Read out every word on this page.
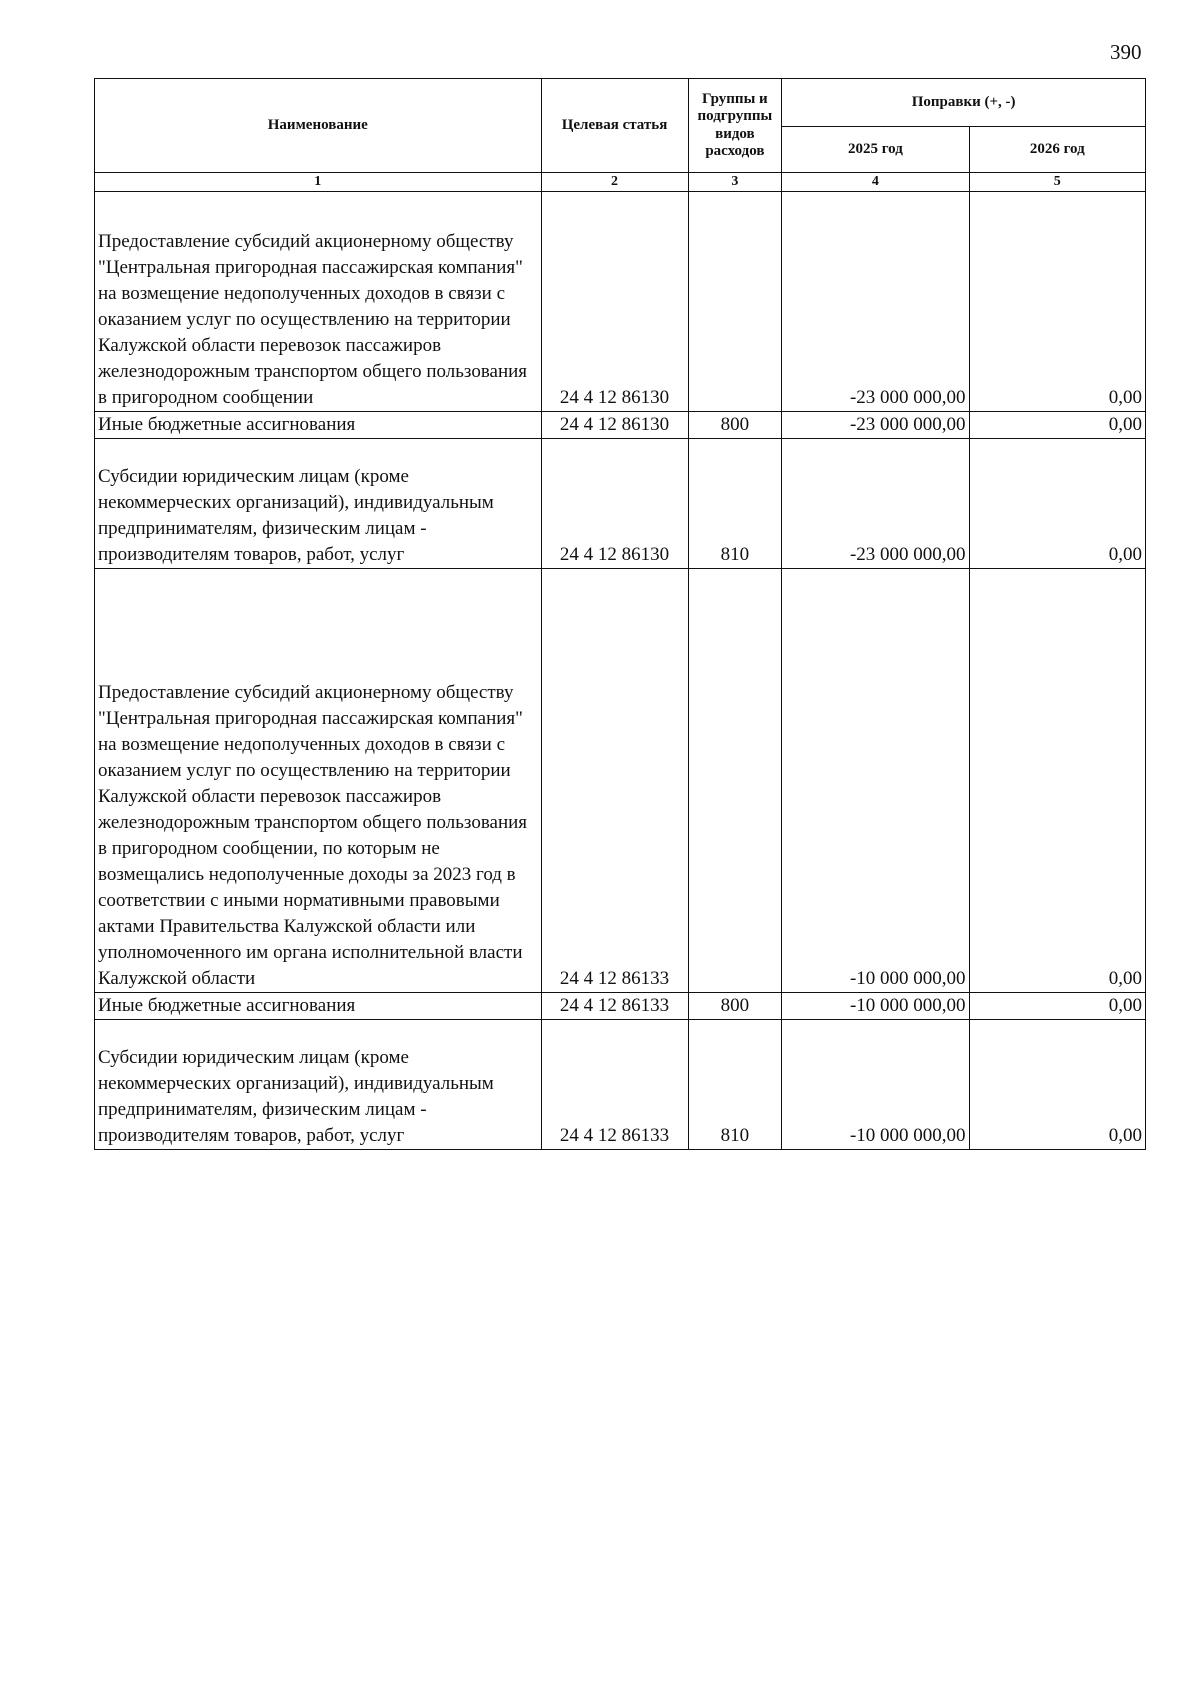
390
Наименование	Целевая статья	Группы и подгруппы видов расходов	Поправки (+, -)	
			2025 год	2026 год
1	2	3	4	5
Предоставление субсидий акционерному обществу "Центральная пригородная пассажирская компания" на возмещение недополученных доходов в связи с оказанием услуг по осуществлению на территории Калужской области перевозок пассажиров железнодорожным транспортом общего пользования в пригородном сообщении	24 4 12 86130		-23 000 000,00	0,00
Иные бюджетные ассигнования	24 4 12 86130	800	-23 000 000,00	0,00
Субсидии юридическим лицам (кроме некоммерческих организаций), индивидуальным предпринимателям, физическим лицам - производителям товаров, работ, услуг	24 4 12 86130	810	-23 000 000,00	0,00
Предоставление субсидий акционерному обществу "Центральная пригородная пассажирская компания" на возмещение недополученных доходов в связи с оказанием услуг по осуществлению на территории Калужской области перевозок пассажиров железнодорожным транспортом общего пользования в пригородном сообщении, по которым не возмещались недополученные доходы за 2023 год в соответствии с иными нормативными правовыми актами Правительства Калужской области или уполномоченного им органа исполнительной власти Калужской области	24 4 12 86133		-10 000 000,00	0,00
Иные бюджетные ассигнования	24 4 12 86133	800	-10 000 000,00	0,00
Субсидии юридическим лицам (кроме некоммерческих организаций), индивидуальным предпринимателям, физическим лицам - производителям товаров, работ, услуг	24 4 12 86133	810	-10 000 000,00	0,00
